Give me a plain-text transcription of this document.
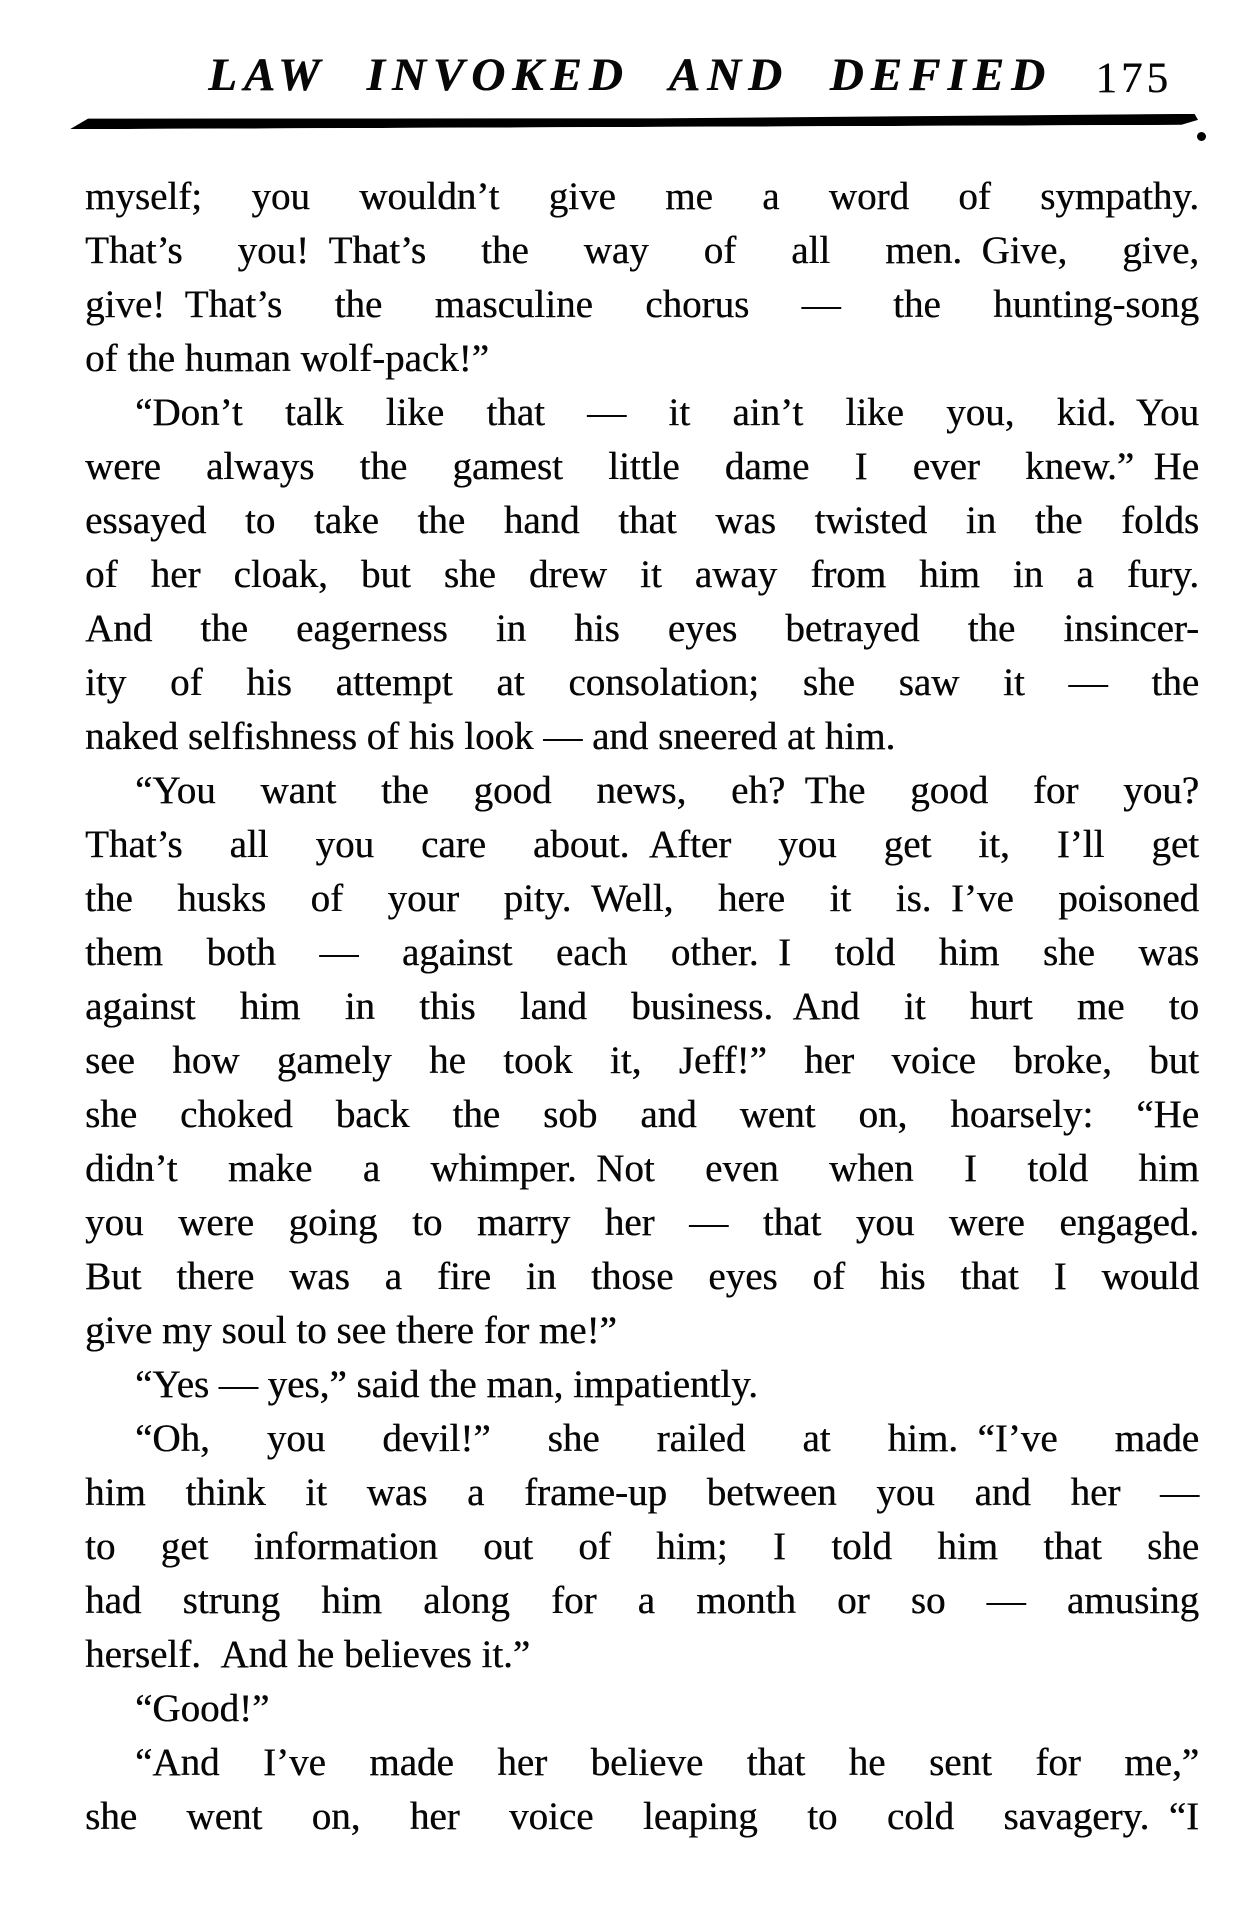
LAW INVOKED AND DEFIED 175
myself; you wouldn’t give me a word of sympathy.
That’s you! That’s the way of all men. Give, give,
give! That’s the masculine chorus — the hunting-song
of the human wolf-pack!”
“Don’t talk like that — it ain’t like you, kid. You
were always the gamest little dame I ever knew.” He
essayed to take the hand that was twisted in the folds
of her cloak, but she drew it away from him in a fury.
And the eagerness in his eyes betrayed the insincer-
ity of his attempt at consolation; she saw it — the
naked selfishness of his look — and sneered at him.
“You want the good news, eh? The good for you?
That’s all you care about. After you get it, I’ll get
the husks of your pity. Well, here it is. I’ve poisoned
them both — against each other. I told him she was
against him in this land business. And it hurt me to
see how gamely he took it, Jeff!” her voice broke, but
she choked back the sob and went on, hoarsely: “He
didn’t make a whimper. Not even when I told him
you were going to marry her — that you were engaged.
But there was a fire in those eyes of his that I would
give my soul to see there for me!”
“Yes — yes,” said the man, impatiently.
“Oh, you devil!” she railed at him. “I’ve made
him think it was a frame-up between you and her —
to get information out of him; I told him that she
had strung him along for a month or so — amusing
herself. And he believes it.”
“Good!”
“And I’ve made her believe that he sent for me,”
she went on, her voice leaping to cold savagery. “I
